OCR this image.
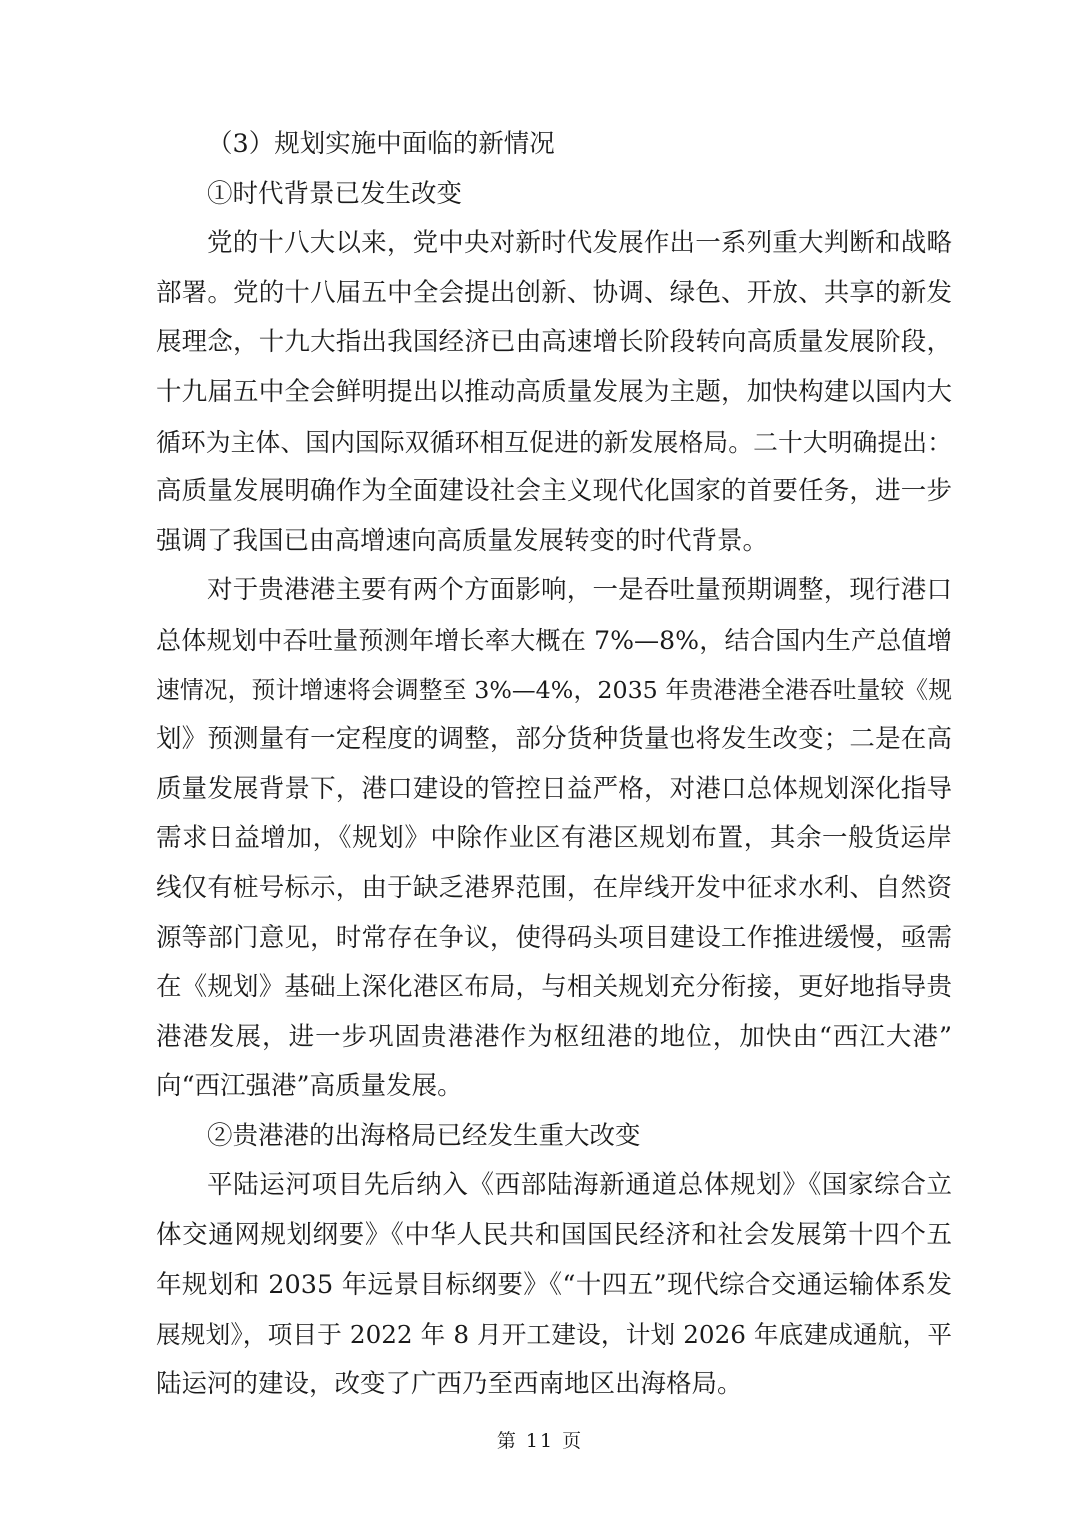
（3）规划实施中面临的新情况
①时代背景已发生改变
党的十八大以来，党中央对新时代发展作出一系列重大判断和战略
部署。党的十八届五中全会提出创新、协调、绿色、开放、共享的新发
展理念，十九大指出我国经济已由高速增长阶段转向高质量发展阶段，
十九届五中全会鲜明提出以推动高质量发展为主题，加快构建以国内大
循环为主体、国内国际双循环相互促进的新发展格局。二十大明确提出：
高质量发展明确作为全面建设社会主义现代化国家的首要任务，进一步
强调了我国已由高增速向高质量发展转变的时代背景。
对于贵港港主要有两个方面影响，一是吞吐量预期调整，现行港口
总体规划中吞吐量预测年增长率大概在 7%—8%，结合国内生产总值增
速情况，预计增速将会调整至 3%—4%，2035 年贵港港全港吞吐量较《规
划》预测量有一定程度的调整，部分货种货量也将发生改变；二是在高
质量发展背景下，港口建设的管控日益严格，对港口总体规划深化指导
需求日益增加，《规划》中除作业区有港区规划布置，其余一般货运岸
线仅有桩号标示，由于缺乏港界范围，在岸线开发中征求水利、自然资
源等部门意见，时常存在争议，使得码头项目建设工作推进缓慢，亟需
在《规划》基础上深化港区布局，与相关规划充分衔接，更好地指导贵
港港发展，进一步巩固贵港港作为枢纽港的地位，加快由“西江大港”
向“西江强港”高质量发展。
②贵港港的出海格局已经发生重大改变
平陆运河项目先后纳入《西部陆海新通道总体规划》《国家综合立
体交通网规划纲要》《中华人民共和国国民经济和社会发展第十四个五
年规划和 2035 年远景目标纲要》《“十四五”现代综合交通运输体系发
展规划》，项目于 2022 年 8 月开工建设，计划 2026 年底建成通航，平
陆运河的建设，改变了广西乃至西南地区出海格局。
第 11 页
